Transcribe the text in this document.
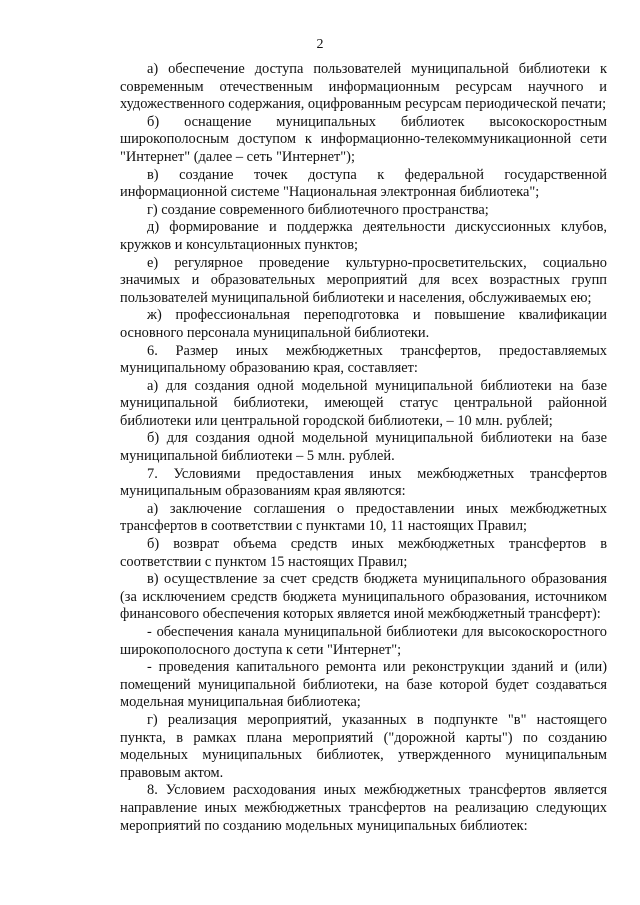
2

а) обеспечение доступа пользователей муниципальной библиотеки к современным отечественным информационным ресурсам научного и художественного содержания, оцифрованным ресурсам периодической печати;

б) оснащение муниципальных библиотек высокоскоростным широкополосным доступом к информационно-телекоммуникационной сети "Интернет" (далее – сеть "Интернет");

в) создание точек доступа к федеральной государственной информационной системе "Национальная электронная библиотека";

г) создание современного библиотечного пространства;

д) формирование и поддержка деятельности дискуссионных клубов, кружков и консультационных пунктов;

е) регулярное проведение культурно-просветительских, социально значимых и образовательных мероприятий для всех возрастных групп пользователей муниципальной библиотеки и населения, обслуживаемых ею;

ж) профессиональная переподготовка и повышение квалификации основного персонала муниципальной библиотеки.

6. Размер иных межбюджетных трансфертов, предоставляемых муниципальному образованию края, составляет:

а) для создания одной модельной муниципальной библиотеки на базе муниципальной библиотеки, имеющей статус центральной районной библиотеки или центральной городской библиотеки, – 10 млн. рублей;

б) для создания одной модельной муниципальной библиотеки на базе муниципальной библиотеки – 5 млн. рублей.

7. Условиями предоставления иных межбюджетных трансфертов муниципальным образованиям края являются:

а) заключение соглашения о предоставлении иных межбюджетных трансфертов в соответствии с пунктами 10, 11 настоящих Правил;

б) возврат объема средств иных межбюджетных трансфертов в соответствии с пунктом 15 настоящих Правил;

в) осуществление за счет средств бюджета муниципального образования (за исключением средств бюджета муниципального образования, источником финансового обеспечения которых является иной межбюджетный трансферт):

- обеспечения канала муниципальной библиотеки для высокоскоростного широкополосного доступа к сети "Интернет";

- проведения капитального ремонта или реконструкции зданий и (или) помещений муниципальной библиотеки, на базе которой будет создаваться модельная муниципальная библиотека;

г) реализация мероприятий, указанных в подпункте "в" настоящего пункта, в рамках плана мероприятий ("дорожной карты") по созданию модельных муниципальных библиотек, утвержденного муниципальным правовым актом.

8. Условием расходования иных межбюджетных трансфертов является направление иных межбюджетных трансфертов на реализацию следующих мероприятий по созданию модельных муниципальных библиотек:
